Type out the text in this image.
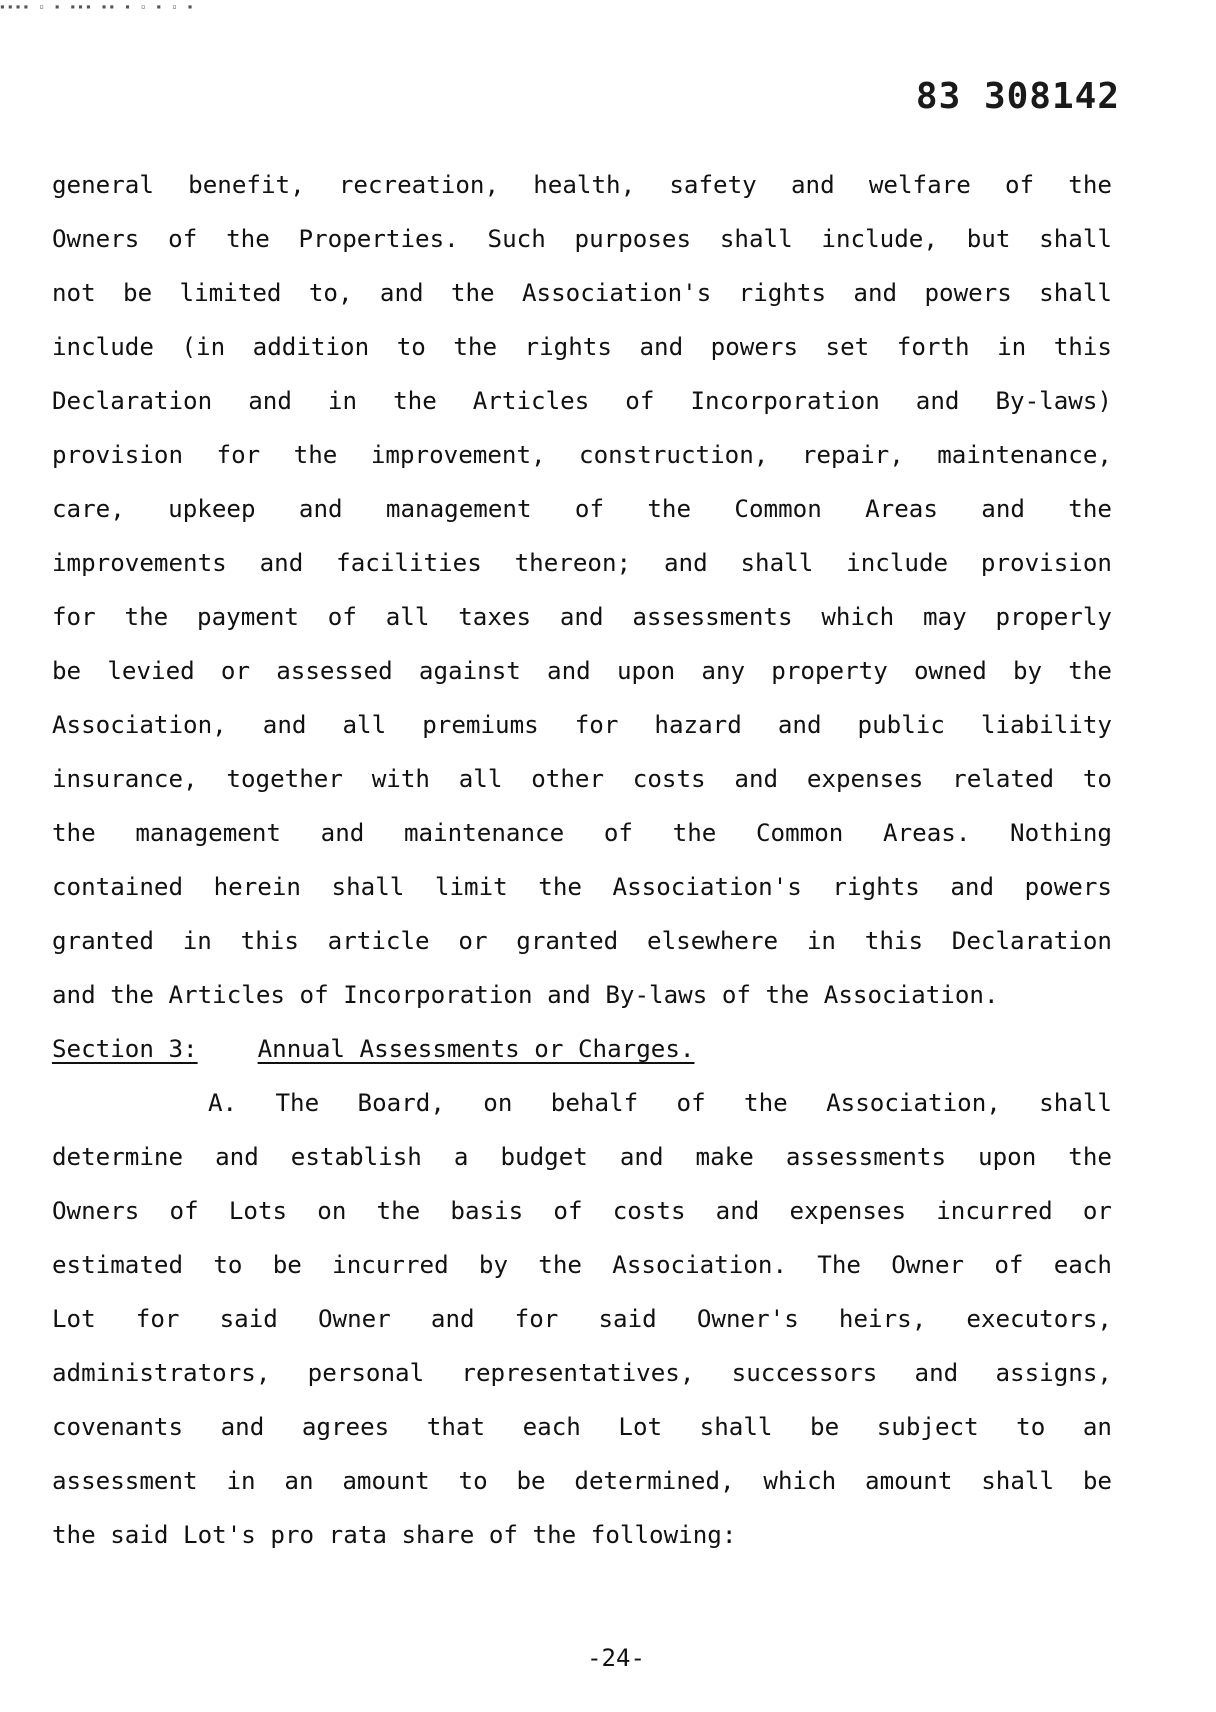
▪▪▪▪ ▫ ▪ ▪▪▪ ▪▪ ▪ ▫ ▪ ▫ ▪
83 308142
general benefit, recreation, health, safety and welfare of the
Owners of the Properties. Such purposes shall include, but shall
not be limited to, and the Association's rights and powers shall
include (in addition to the rights and powers set forth in this
Declaration and in the Articles of Incorporation and By-laws)
provision for the improvement, construction, repair, maintenance,
care, upkeep and management of the Common Areas and the
improvements and facilities thereon; and shall include provision
for the payment of all taxes and assessments which may properly
be levied or assessed against and upon any property owned by the
Association, and all premiums for hazard and public liability
insurance, together with all other costs and expenses related to
the management and maintenance of the Common Areas. Nothing
contained herein shall limit the Association's rights and powers
granted in this article or granted elsewhere in this Declaration
and the Articles of Incorporation and By-laws of the Association.
Section 3: Annual Assessments or Charges.
A. The Board, on behalf of the Association, shall
determine and establish a budget and make assessments upon the
Owners of Lots on the basis of costs and expenses incurred or
estimated to be incurred by the Association. The Owner of each
Lot for said Owner and for said Owner's heirs, executors,
administrators, personal representatives, successors and assigns,
covenants and agrees that each Lot shall be subject to an
assessment in an amount to be determined, which amount shall be
the said Lot's pro rata share of the following:
-24-
